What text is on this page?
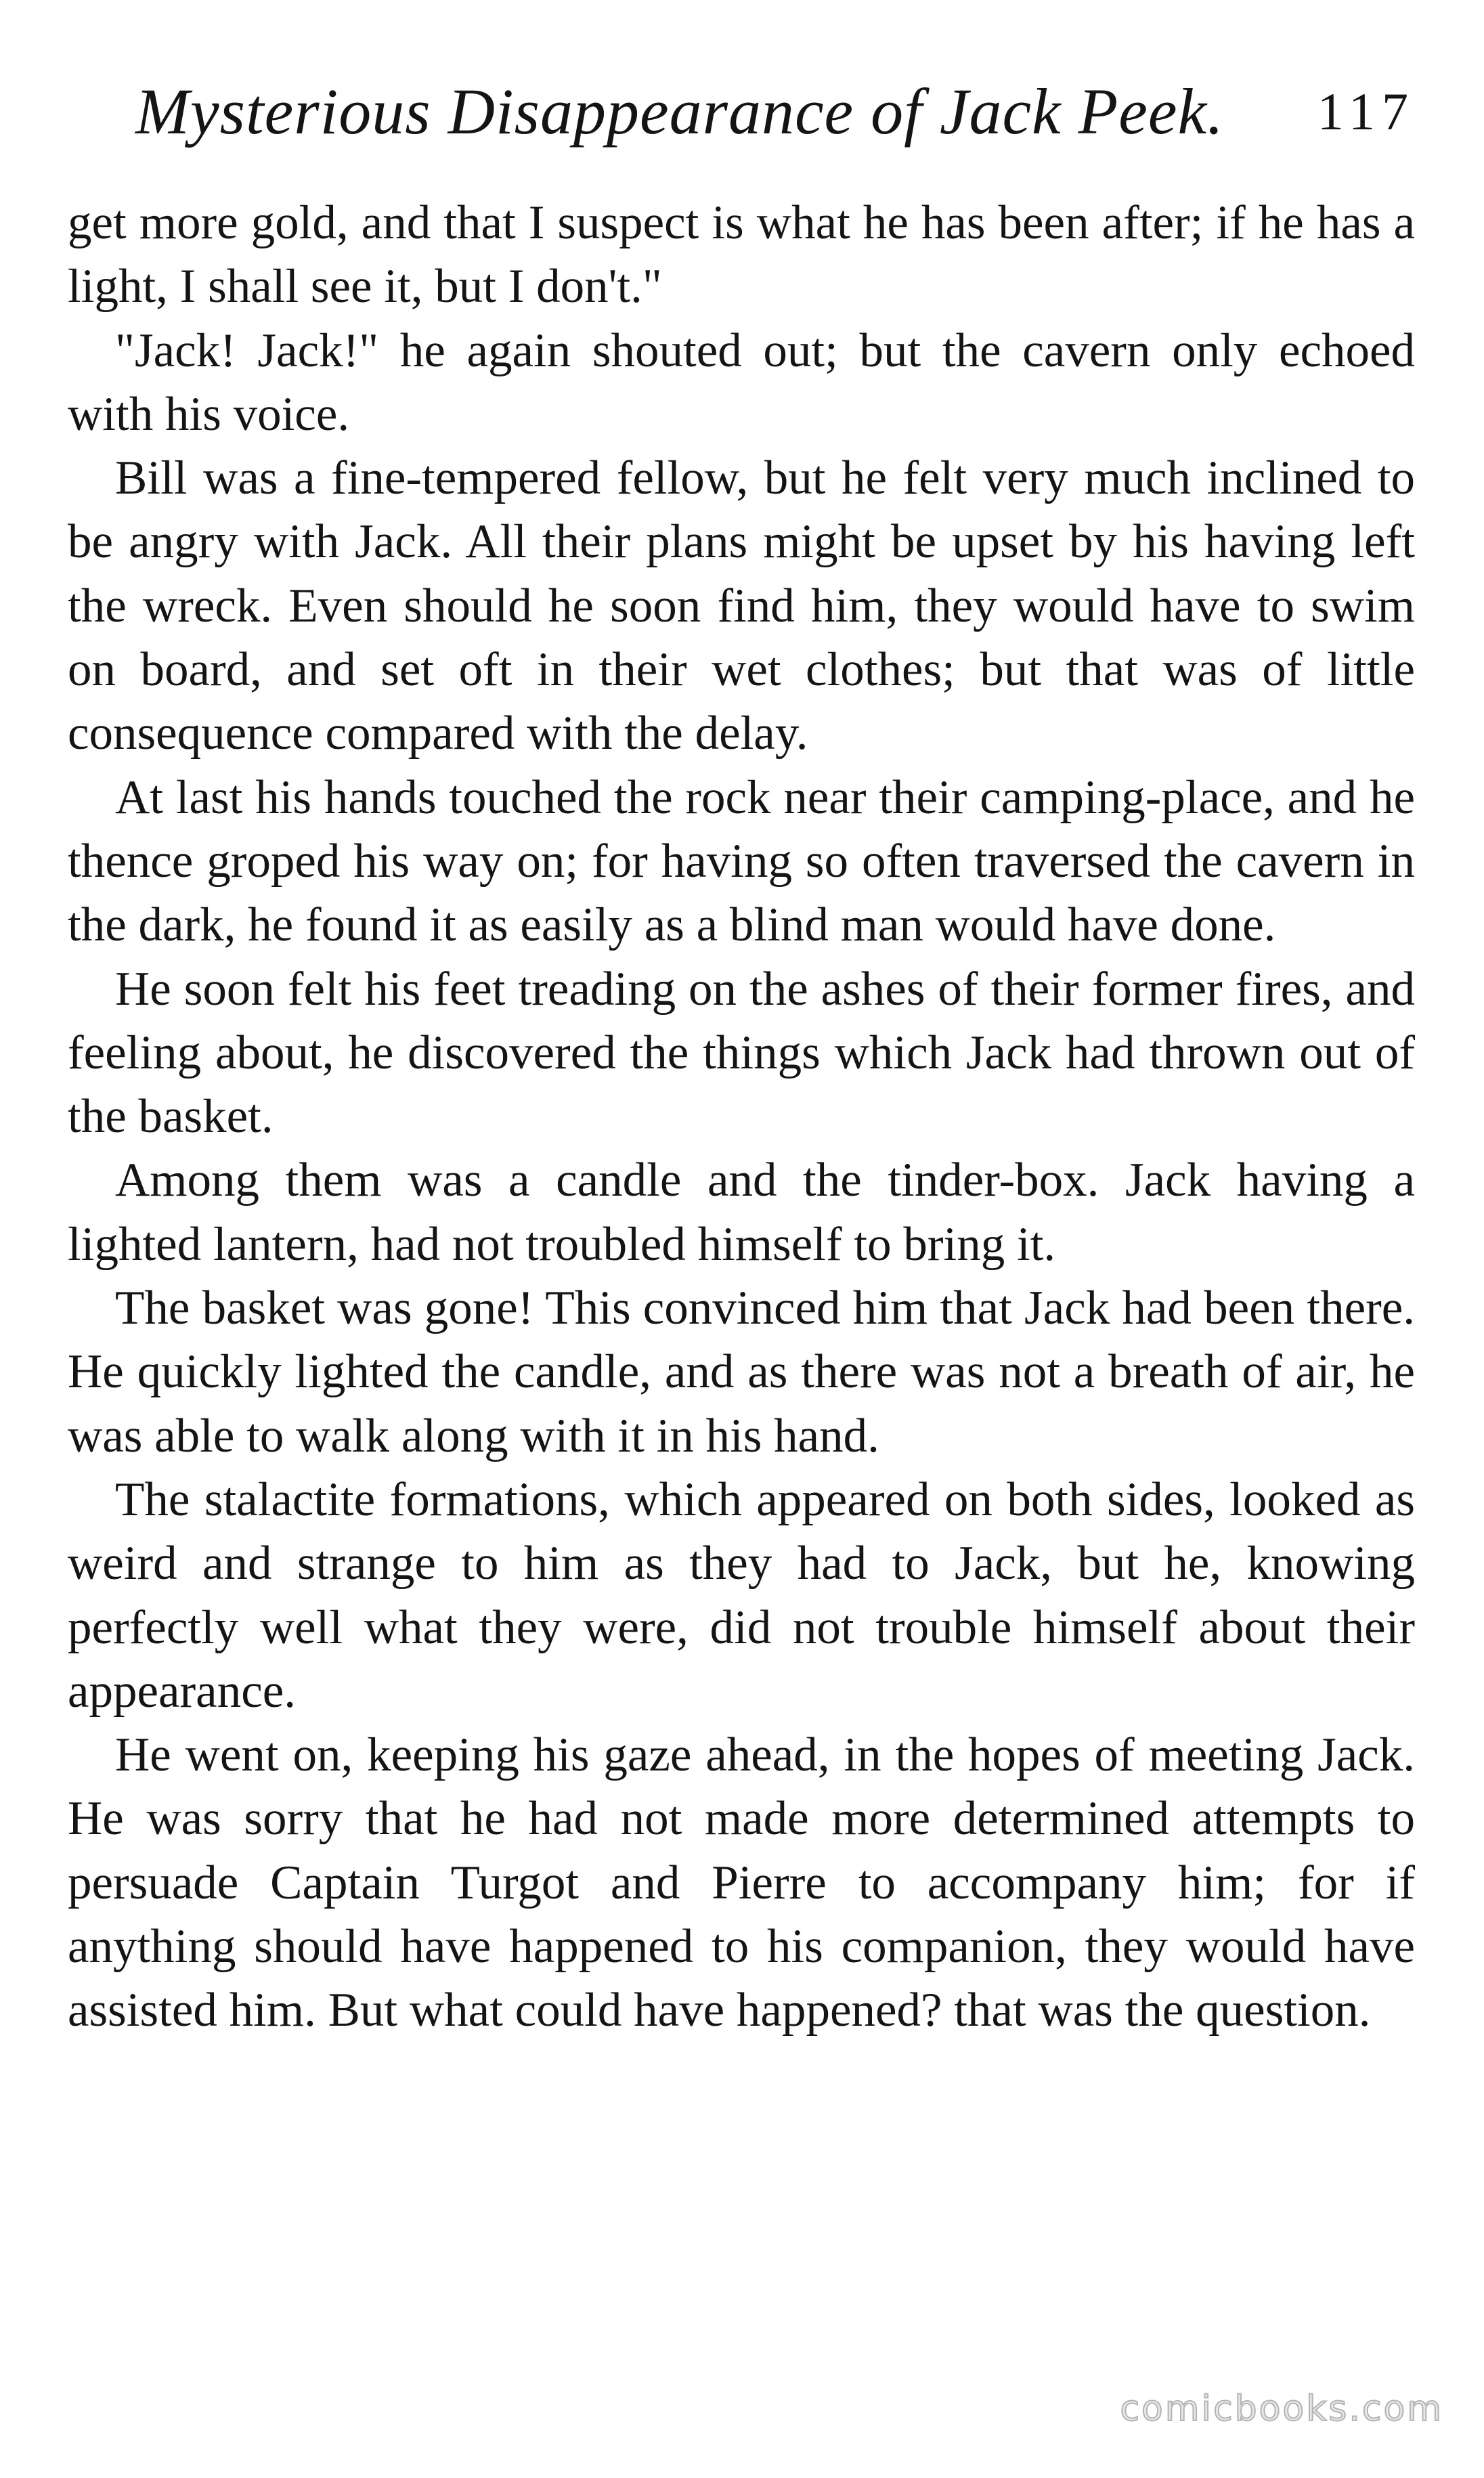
Mysterious Disappearance of Jack Peek. 117

get more gold, and that I suspect is what he has been after; if he has a light, I shall see it, but I don't."

"Jack! Jack!" he again shouted out; but the cavern only echoed with his voice.

Bill was a fine-tempered fellow, but he felt very much inclined to be angry with Jack. All their plans might be upset by his having left the wreck. Even should he soon find him, they would have to swim on board, and set oft in their wet clothes; but that was of little consequence compared with the delay.

At last his hands touched the rock near their camping-place, and he thence groped his way on; for having so often traversed the cavern in the dark, he found it as easily as a blind man would have done.

He soon felt his feet treading on the ashes of their former fires, and feeling about, he discovered the things which Jack had thrown out of the basket.

Among them was a candle and the tinder-box. Jack having a lighted lantern, had not troubled himself to bring it.

The basket was gone! This convinced him that Jack had been there. He quickly lighted the candle, and as there was not a breath of air, he was able to walk along with it in his hand.

The stalactite formations, which appeared on both sides, looked as weird and strange to him as they had to Jack, but he, knowing perfectly well what they were, did not trouble himself about their appearance.

He went on, keeping his gaze ahead, in the hopes of meeting Jack. He was sorry that he had not made more determined attempts to persuade Captain Turgot and Pierre to accompany him; for if anything should have happened to his companion, they would have assisted him. But what could have happened? that was the question.

comicbooks.com
